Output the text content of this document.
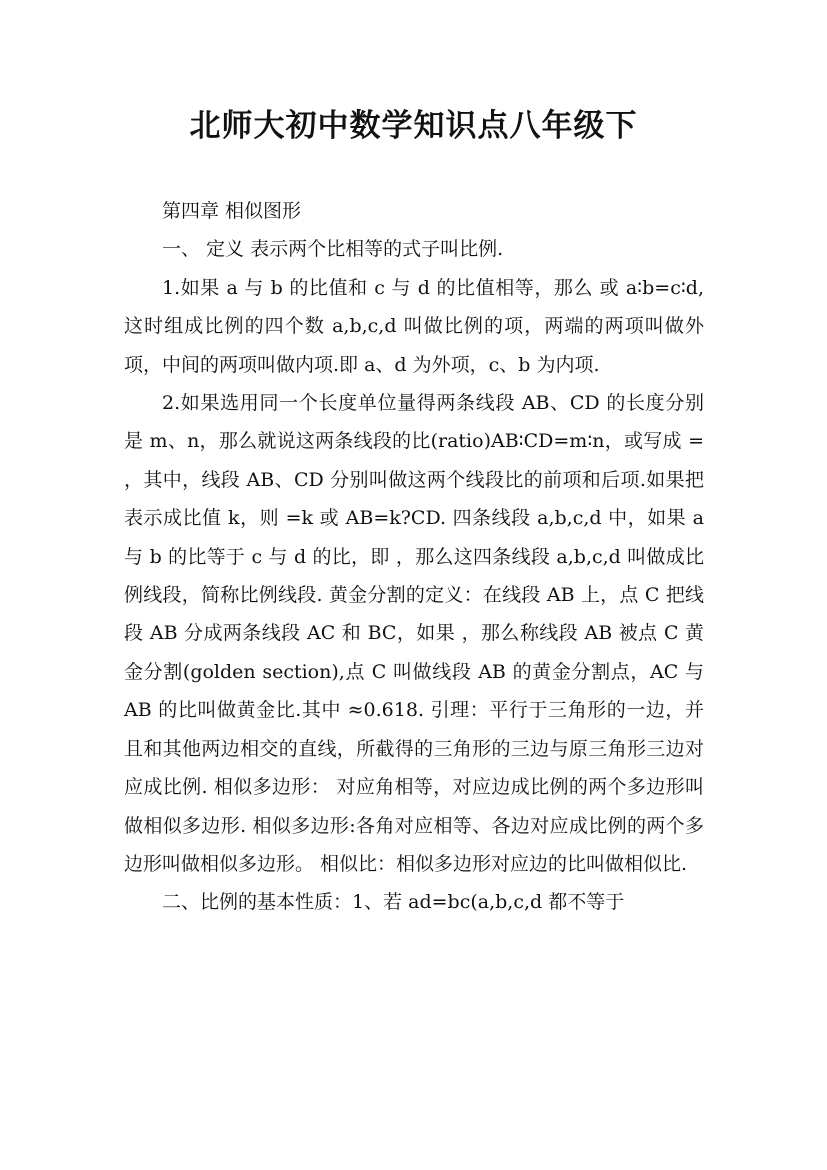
北师大初中数学知识点八年级下

第四章 相似图形

一、 定义 表示两个比相等的式子叫比例.

1.如果 a 与 b 的比值和 c 与 d 的比值相等，那么 或 a∶b=c∶d,这时组成比例的四个数 a,b,c,d 叫做比例的项，两端的两项叫做外项，中间的两项叫做内项.即 a、d 为外项，c、b 为内项.

2.如果选用同一个长度单位量得两条线段 AB、CD 的长度分别是 m、n，那么就说这两条线段的比(ratio)AB∶CD=m∶n，或写成 = ，其中，线段 AB、CD 分别叫做这两个线段比的前项和后项.如果把 表示成比值 k，则 =k 或 AB=k?CD. 四条线段 a,b,c,d 中，如果 a 与 b 的比等于 c 与 d 的比，即 ，那么这四条线段 a,b,c,d 叫做成比例线段，简称比例线段. 黄金分割的定义：在线段 AB 上，点 C 把线段 AB 分成两条线段 AC 和 BC，如果 ，那么称线段 AB 被点 C 黄金分割(golden section),点 C 叫做线段 AB 的黄金分割点，AC 与 AB 的比叫做黄金比.其中 ≈0.618. 引理：平行于三角形的一边，并且和其他两边相交的直线，所截得的三角形的三边与原三角形三边对应成比例. 相似多边形： 对应角相等，对应边成比例的两个多边形叫做相似多边形. 相似多边形:各角对应相等、各边对应成比例的两个多边形叫做相似多边形。 相似比：相似多边形对应边的比叫做相似比.

二、比例的基本性质：1、若 ad=bc(a,b,c,d 都不等于
